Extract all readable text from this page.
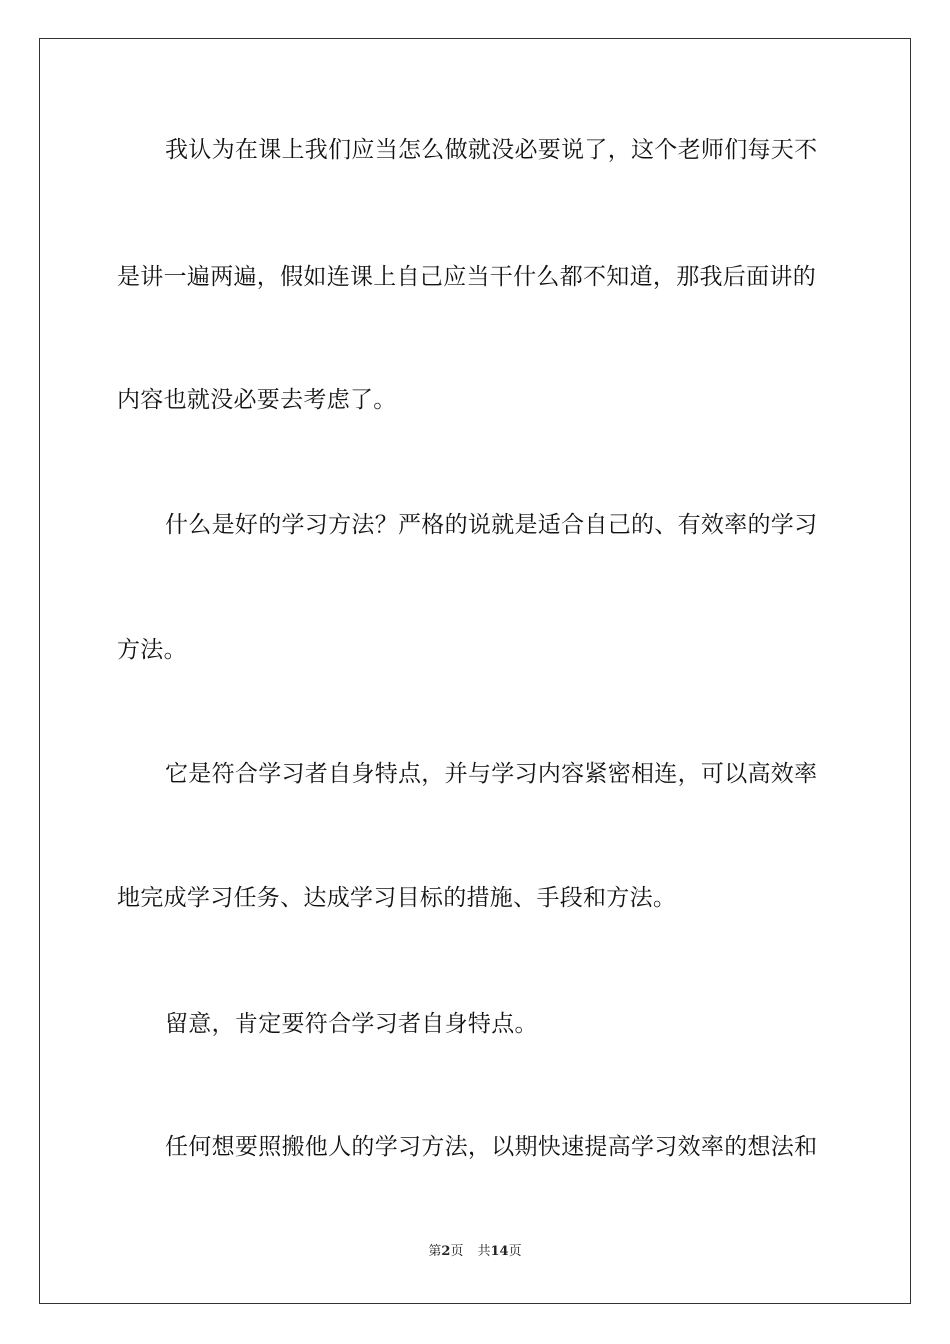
我认为在课上我们应当怎么做就没必要说了，这个老师们每天不
是讲一遍两遍，假如连课上自己应当干什么都不知道，那我后面讲的
内容也就没必要去考虑了。
什么是好的学习方法？严格的说就是适合自己的、有效率的学习
方法。
它是符合学习者自身特点，并与学习内容紧密相连，可以高效率
地完成学习任务、达成学习目标的措施、手段和方法。
留意，肯定要符合学习者自身特点。
任何想要照搬他人的学习方法，以期快速提高学习效率的想法和
第2页 共14页
